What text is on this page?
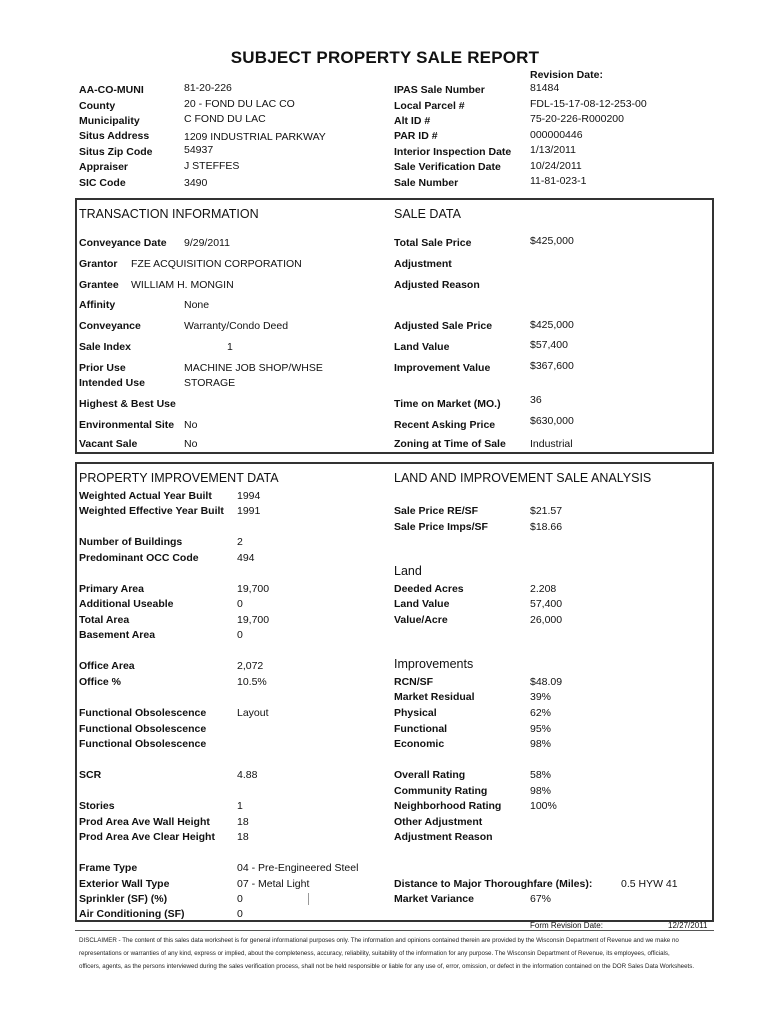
SUBJECT PROPERTY SALE REPORT
AA-CO-MUNI	81-20-226
County	20 - FOND DU LAC CO
Municipality	C FOND DU LAC
Situs Address	1209 INDUSTRIAL PARKWAY
Situs Zip Code	54937
Appraiser	J STEFFES
SIC Code	3490
Revision Date:
IPAS Sale Number	81484
Local Parcel #	FDL-15-17-08-12-253-00
Alt ID #	75-20-226-R000200
PAR ID #	000000446
Interior Inspection Date 1/13/2011
Sale Verification Date	10/24/2011
Sale Number	11-81-023-1
TRANSACTION INFORMATION	SALE DATA
Conveyance Date 9/29/2011
Grantor FZE ACQUISITION CORPORATION
Grantee WILLIAM H. MONGIN
Affinity	None
Conveyance	Warranty/Condo Deed
Sale Index	1
Prior Use	MACHINE JOB SHOP/WHSE
Intended Use	STORAGE
Highest & Best Use
Environmental Site No
Vacant Sale	No
Total Sale Price	$425,000
Adjustment
Adjusted Reason
Adjusted Sale Price	$425,000
Land Value	$57,400
Improvement Value	$367,600
Time on Market (MO.)	36
Recent Asking Price	$630,000
Zoning at Time of Sale Industrial
PROPERTY IMPROVEMENT DATA	LAND AND IMPROVEMENT SALE ANALYSIS
Weighted Actual Year Built 1994
Weighted Effective Year Built 1991
Number of Buildings	2
Predominant OCC Code	494
Primary Area	19,700
Additional Useable	0
Total Area	19,700
Basement Area	0
Office Area	2,072
Office %	10.5%
Functional Obsolescence	Layout
Functional Obsolescence
Functional Obsolescence
SCR	4.88
Stories	1
Prod Area Ave Wall Height	18
Prod Area Ave Clear Height 18
Frame Type	04 - Pre-Engineered Steel
Exterior Wall Type	07 - Metal Light
Sprinkler (SF) (%)	0
Air Conditioning (SF)	0
Sale Price RE/SF	$21.57
Sale Price Imps/SF	$18.66
Land
Deeded Acres	2.208
Land Value	57,400
Value/Acre	26,000
Improvements
RCN/SF	$48.09
Market Residual	39%
Physical	62%
Functional	95%
Economic	98%
Overall Rating	58%
Community Rating	98%
Neighborhood Rating	100%
Other Adjustment
Adjustment Reason
Distance to Major Thoroughfare (Miles):	0.5 HYW 41
Market Variance	67%
Form Revision Date:	12/27/2011
DISCLAIMER - The content of this sales data worksheet is for general informational purposes only. The information and opinions contained therein are provided by the Wisconsin Department of Revenue and we make no
representations or warranties of any kind, express or implied, about the completeness, accuracy, reliability, suitability of the information for any purpose. The Wisconsin Department of Revenue, its employees, officials,
officers, agents, as the persons interviewed during the sales verification process, shall not be held responsible or liable for any use of, error, omission, or defect in the information contained on the DOR Sales Data Worksheets.
